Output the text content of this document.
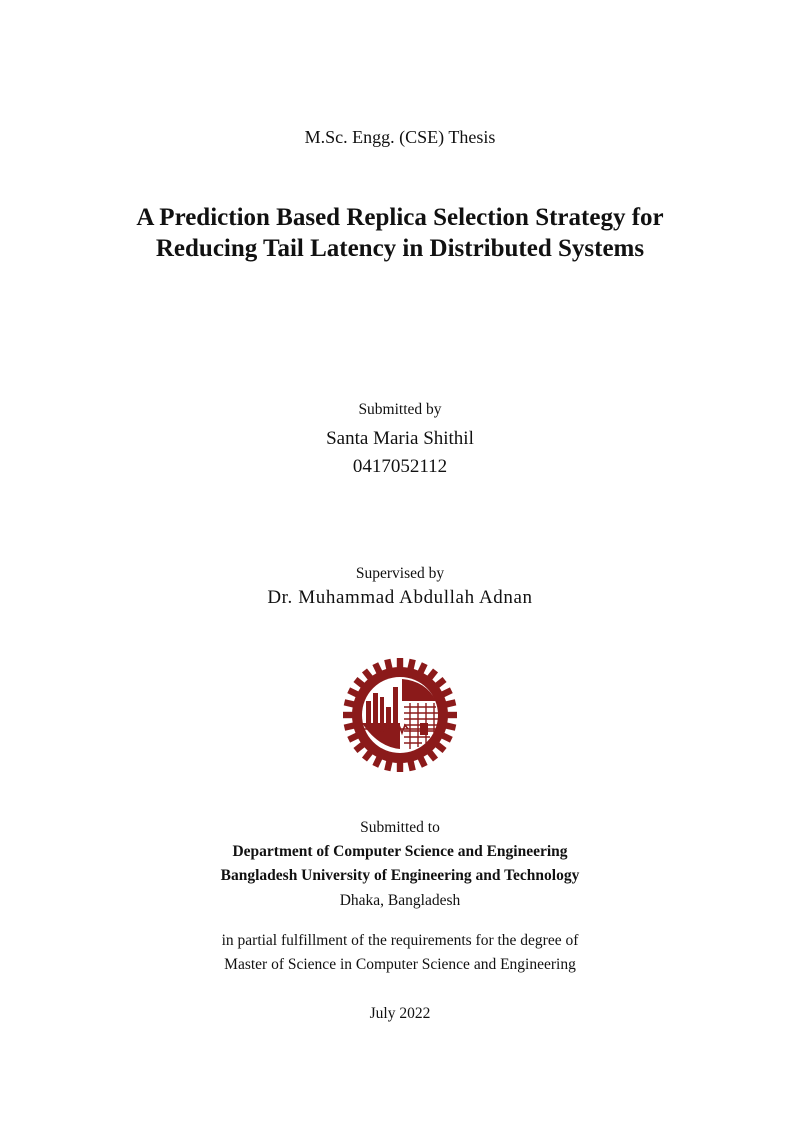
M.Sc. Engg. (CSE) Thesis
A Prediction Based Replica Selection Strategy for
Reducing Tail Latency in Distributed Systems
Submitted by
Santa Maria Shithil
0417052112
Supervised by
Dr. Muhammad Abdullah Adnan
Submitted to
Department of Computer Science and Engineering
Bangladesh University of Engineering and Technology
Dhaka, Bangladesh
in partial fulfillment of the requirements for the degree of
Master of Science in Computer Science and Engineering
July 2022
